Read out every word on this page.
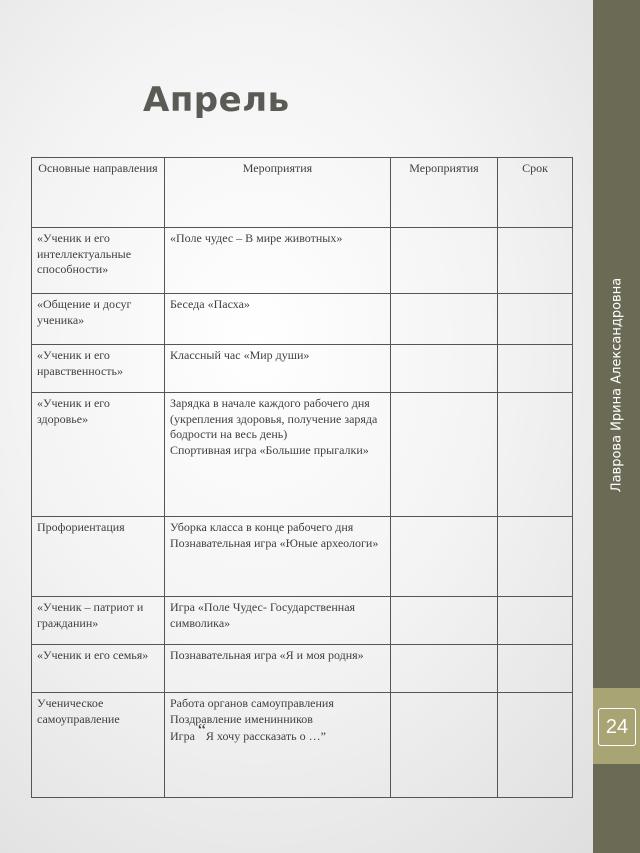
Апрель
Лаврова Ирина Александровна
24
Основные направления	Мероприятия	Мероприятия	Срок
«Ученик и его интеллектуальные способности»	«Поле чудес – В мире животных»		

«Общение и досуг ученика»	Беседа «Пасха»		

«Ученик и его нравственность»	Классный час «Мир души»		

«Ученик и его здоровье»	Зарядка в начале каждого рабочего дня (укрепления здоровья, получение заряда бодрости на весь день)
Спортивная игра «Большие прыгалки»		

Профориентация	Уборка класса в конце рабочего дня
Познавательная игра «Юные археологи»		

«Ученик – патриот и гражданин»	Игра «Поле Чудес- Государственная символика»		

«Ученик и его семья»	Познавательная игра «Я и моя родня»		

Ученическое самоуправление	Работа органов самоуправления
Поздравление именинников
Игра “Я хочу рассказать о …”		
